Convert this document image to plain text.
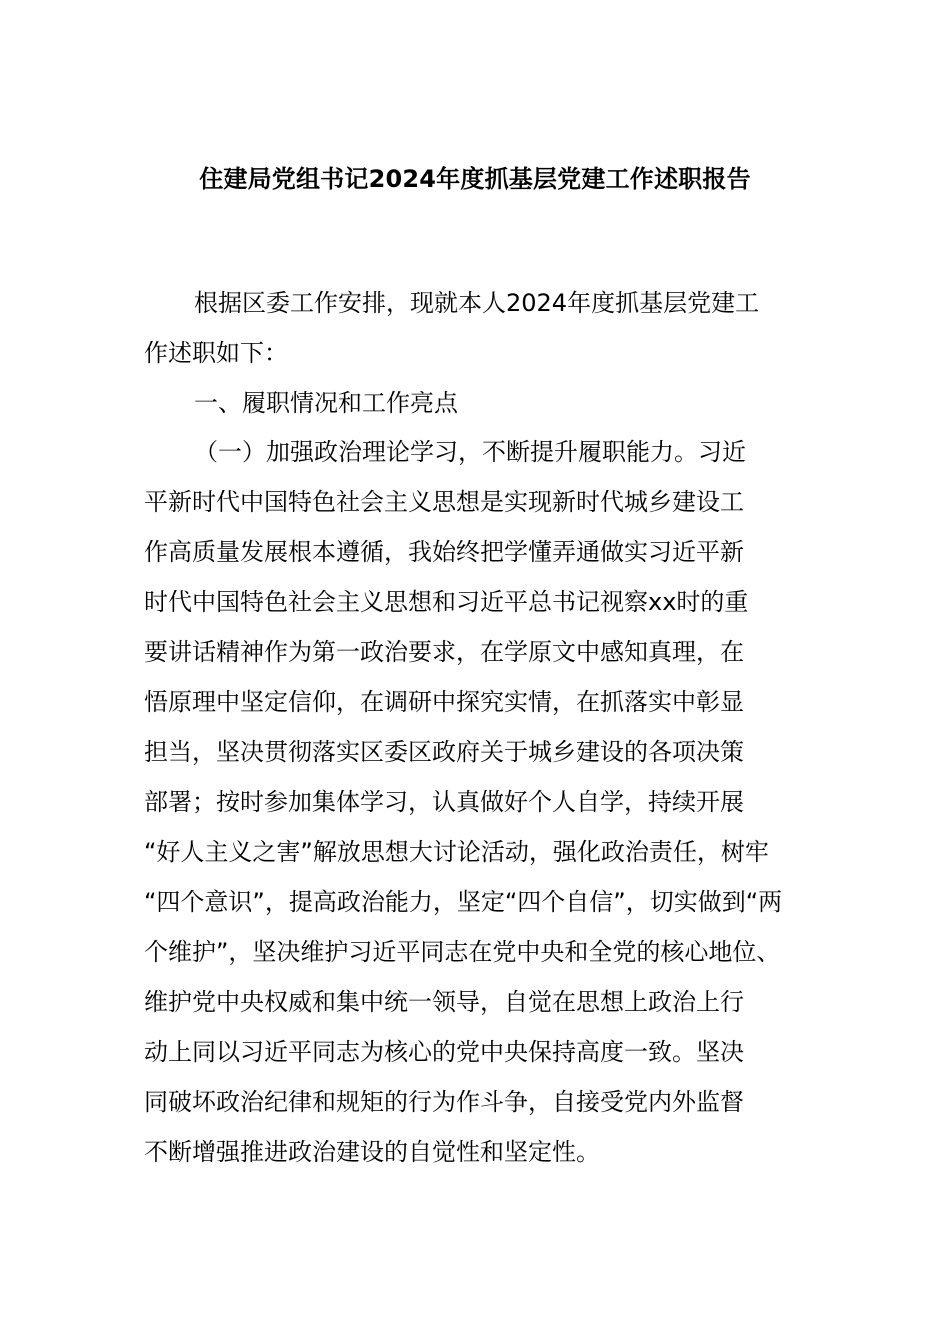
住建局党组书记2024年度抓基层党建工作述职报告
根据区委工作安排，现就本人2024年度抓基层党建工
作述职如下：
一、履职情况和工作亮点
（一）加强政治理论学习，不断提升履职能力。习近
平新时代中国特色社会主义思想是实现新时代城乡建设工
作高质量发展根本遵循，我始终把学懂弄通做实习近平新
时代中国特色社会主义思想和习近平总书记视察xx时的重
要讲话精神作为第一政治要求，在学原文中感知真理，在
悟原理中坚定信仰，在调研中探究实情，在抓落实中彰显
担当，坚决贯彻落实区委区政府关于城乡建设的各项决策
部署；按时参加集体学习，认真做好个人自学，持续开展
“好人主义之害”解放思想大讨论活动，强化政治责任，树牢
“四个意识”，提高政治能力，坚定“四个自信”，切实做到“两
个维护”，坚决维护习近平同志在党中央和全党的核心地位、
维护党中央权威和集中统一领导，自觉在思想上政治上行
动上同以习近平同志为核心的党中央保持高度一致。坚决
同破坏政治纪律和规矩的行为作斗争，自接受党内外监督
不断增强推进政治建设的自觉性和坚定性。
